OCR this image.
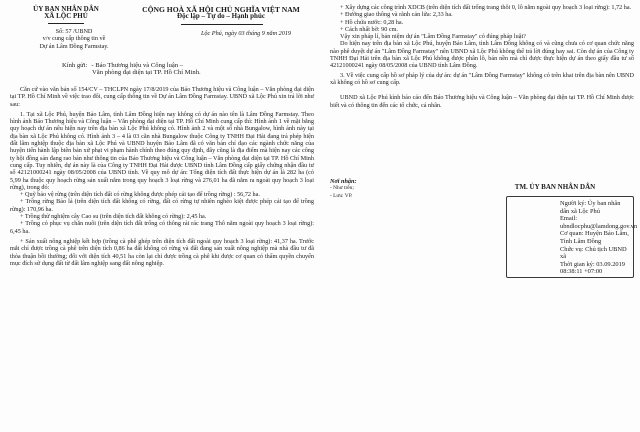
ỦY BAN NHÂN DÂN
XÃ LỘC PHÚ
CỘNG HOÀ XÃ HỘI CHỦ NGHĨA VIỆT NAM
Độc lập – Tự do – Hạnh phúc
Số: 57 /UBND
v/v cung cấp thông tin về
Dự án Lâm Đồng Farmstay.
Lộc Phú, ngày 03 tháng 9 năm 2019
Kính gửi: - Báo Thương hiệu và Công luận –
Văn phòng đại diện tại TP. Hồ Chí Minh.

Căn cứ vào văn bản số 154/CV – THCLPN ngày 17/8/2019 của Báo Thương hiệu và Công luận – Văn phòng đại diện tại TP. Hồ Chí Minh về việc trao đổi, cung cấp thông tin về Dự án Lâm Đồng Farmstay. UBND xã Lộc Phú xin trả lời như sau:

1. Tại xã Lộc Phú, huyện Bảo Lâm, tỉnh Lâm Đồng hiện nay không có dự án nào tên là Lâm Đồng Farmstay. Theo hình ảnh Báo Thương hiệu và Công luận – Văn phòng đại diện tại TP. Hồ Chí Minh cung cấp thì: Hình ảnh 1 về mặt bằng quy hoạch dự án nêu hiện nay trên địa bàn xã Lộc Phú không có. Hình ảnh 2 và một số nhà Bungalow, hình ảnh này tại địa bàn xã Lộc Phú không có. Hình ảnh 3 – 4 là 03 căn nhà Bungalow thuộc Công ty TNHH Đại Hải đang trả phép hiện đất lâm nghiệp thuộc địa bàn xã Lộc Phú và UBND huyện Bảo Lâm đã có văn bản chỉ đạo các ngành chức năng của huyện tiến hành lập biên bản xử phạt vi phạm hành chính theo đúng quy định, đây cũng là địa điểm mà hiện nay các công ty hội đồng sản đang rao bán như thông tin của Báo Thương hiệu và Công luận – Văn phòng đại diện tại TP. Hồ Chí Minh cung cấp. Tuy nhiên, dự án này là của Công ty TNHH Đại Hải được UBND tỉnh Lâm Đồng cấp giấy chứng nhận đầu tư số 42121000241 ngày 08/05/2008 của UBND tỉnh. Về quy mô dự án: Tổng diện tích đất thực hiện dự án là 282 ha (có 5,99 ha thuộc quy hoạch rừng sản xuất nằm trong quy hoạch 3 loại rừng và 276,01 ha đã nằm ra ngoài quy hoạch 3 loại rừng), trong đó:

+ Quỹ bảo vệ rừng (trên diện tích đất có rừng không được phép cải tạo để trồng rừng) : 56,72 ha.

+ Trồng rừng Bảo lá (trên diện tích đất không có rừng, đất có rừng tự nhiên nghèo kiệt được phép cải tạo để trồng rừng): 170,96 ha.

+ Trồng thử nghiệm cây Cao su (trên diện tích đất không có rừng): 2,45 ha.

+ Trồng cỏ phục vụ chăn nuôi (trên diện tích đất trống có thông rải rác trang Thô năm ngoài quy hoạch 3 loại rừng): 6,45 ha.

+ Sản xuất nông nghiệp kết hợp (trồng cà phê ghép trên diện tích đất ngoài quy hoạch 3 loại rừng): 41,37 ha. Trước mắt chỉ được trồng cà phê trên diện tích 0,86 ha đất không có rừng và đất đang sản xuất nông nghiệp mà nhà đầu tư đã thỏa thuận bồi thường; đối với diện tích 40,51 ha còn lại chỉ được trồng cà phê khi được cơ quan có thẩm quyền chuyển mục đích sử dụng đất từ đất lâm nghiệp sang đất nông nghiệp.

+ Xây dựng các công trình XDCB (trên diện tích đất trống trang thôi 0, lô nằm ngoài quy hoạch 3 loại rừng): 1,72 ha.

+ Đường giao thông và rãnh cản lửa: 2,33 ha.

+ Hồ chứa nước: 0,28 ha.

+ Cách nhất bờ: 90 cm.

Vậy xin pháp lí, bản niệm dự án "Lâm Đồng Farmstay" có đúng pháp luật?

Do hiện nay trên địa bàn xã Lộc Phú, huyện Bảo Lâm, tỉnh Lâm Đồng không có và cũng chưa có cơ quan chức năng nào phê duyệt dự án "Lâm Đồng Farmstay" nên UBND xã Lộc Phú không thể trả lời đúng hay sai. Còn dự án của Công ty TNHH Đại Hải trên địa bàn xã Lộc Phú không được phân lô, bán nền mà chỉ được thực hiện dự án theo giấy đầu tư số 42121000241 ngày 08/05/2008 của UBND tỉnh Lâm Đồng.

3. Về việc cung cấp hồ sơ pháp lý của dự án: dự án "Lâm Đồng Farmstay" không có trên khai trên địa bàn nên UBND xã không có hồ sơ cung cấp.

UBND xã Lộc Phú kính báo cáo đến Báo Thương hiệu và Công luận – Văn phòng đại diện tại TP. Hồ Chí Minh được biết và có thông tin đến các tổ chức, cá nhân.

Nơi nhận:
- Như trên;
- Lưu: VP.
TM. ỦY BAN NHÂN DÂN
Người ký: Ủy ban nhân dân xã Lộc Phú
Email: ubndlocphu@lamdong.gov.vn
Cơ quan: Huyện Bảo Lâm, Tỉnh Lâm Đồng
Chức vụ: Chủ tịch UBND xã
Thời gian ký: 03.09.2019
08:38:11 +07:00
